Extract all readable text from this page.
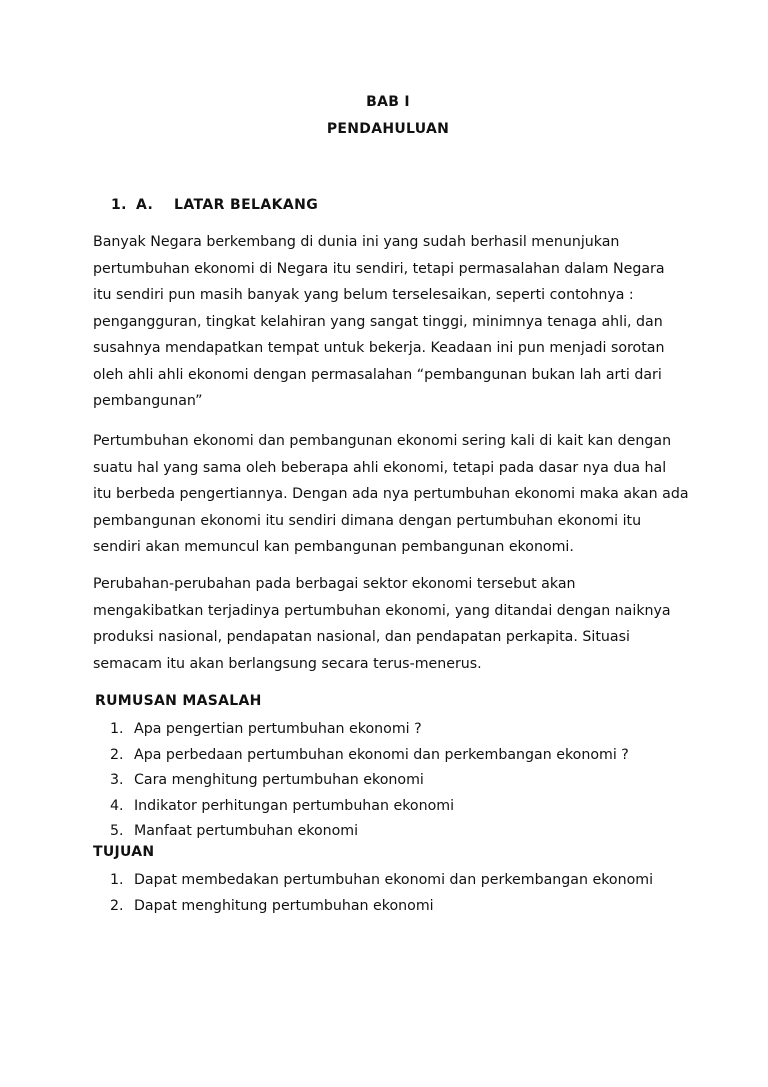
BAB I
PENDAHULUAN
1. A. LATAR BELAKANG

Banyak Negara berkembang di dunia ini yang sudah berhasil menunjukan
pertumbuhan ekonomi di Negara itu sendiri, tetapi permasalahan dalam Negara
itu sendiri pun masih banyak yang belum terselesaikan, seperti contohnya :
pengangguran, tingkat kelahiran yang sangat tinggi, minimnya tenaga ahli, dan
susahnya mendapatkan tempat untuk bekerja. Keadaan ini pun menjadi sorotan
oleh ahli ahli ekonomi dengan permasalahan “pembangunan bukan lah arti dari
pembangunan”

Pertumbuhan ekonomi dan pembangunan ekonomi sering kali di kait kan dengan
suatu hal yang sama oleh beberapa ahli ekonomi, tetapi pada dasar nya dua hal
itu berbeda pengertiannya. Dengan ada nya pertumbuhan ekonomi maka akan ada
pembangunan ekonomi itu sendiri dimana dengan pertumbuhan ekonomi itu
sendiri akan memuncul kan pembangunan pembangunan ekonomi.

Perubahan-perubahan pada berbagai sektor ekonomi tersebut akan
mengakibatkan terjadinya pertumbuhan ekonomi, yang ditandai dengan naiknya
produksi nasional, pendapatan nasional, dan pendapatan perkapita. Situasi
semacam itu akan berlangsung secara terus-menerus.

RUMUSAN MASALAH
1. Apa pengertian pertumbuhan ekonomi ?
2. Apa perbedaan pertumbuhan ekonomi dan perkembangan ekonomi ?
3. Cara menghitung pertumbuhan ekonomi
4. Indikator perhitungan pertumbuhan ekonomi
5. Manfaat pertumbuhan ekonomi
TUJUAN
1. Dapat membedakan pertumbuhan ekonomi dan perkembangan ekonomi
2. Dapat menghitung pertumbuhan ekonomi
